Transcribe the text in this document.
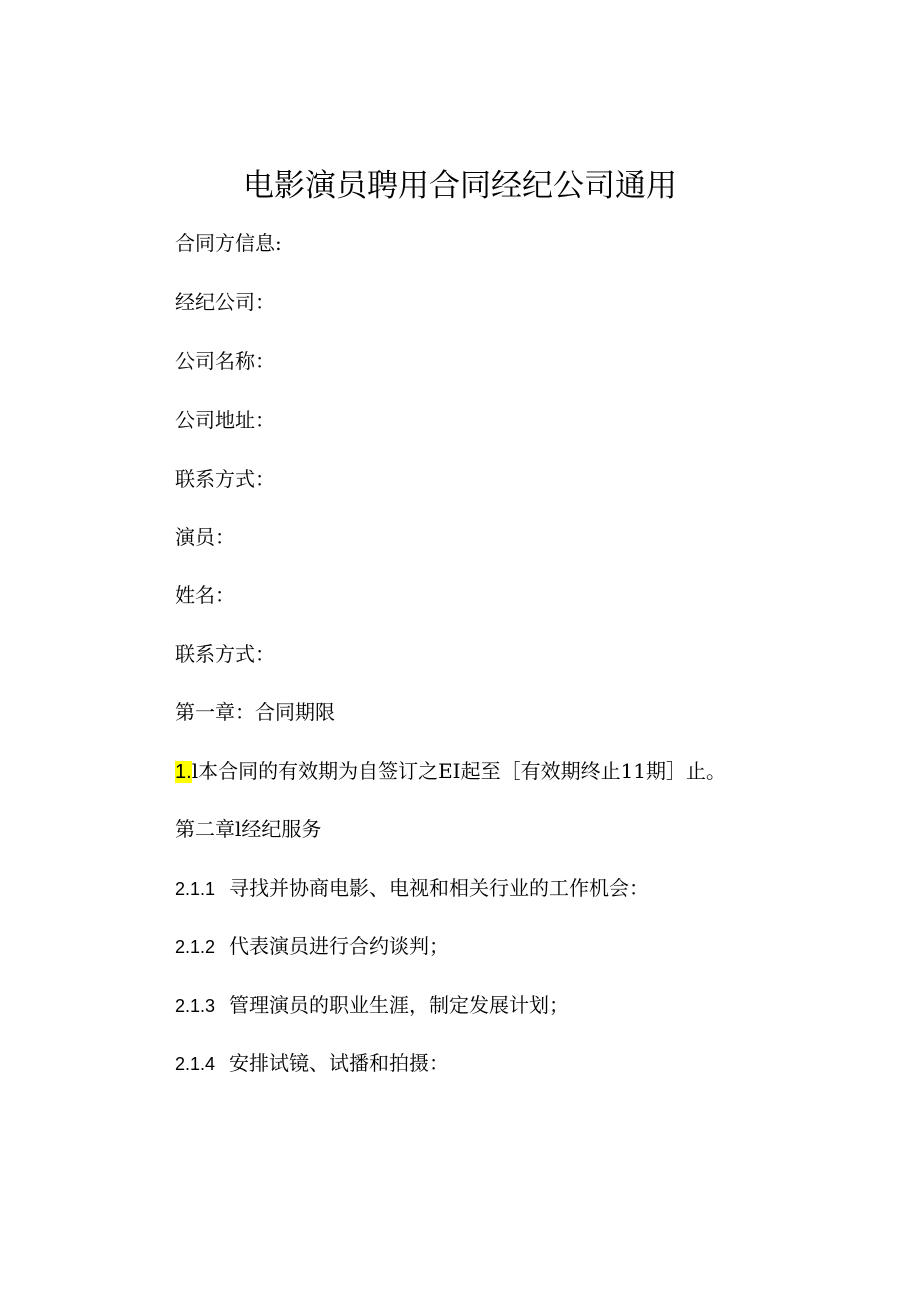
电影演员聘用合同经纪公司通用
合同方信息:
经纪公司：
公司名称：
公司地址：
联系方式：
演员：
姓名：
联系方式：
第一章：合同期限
1.l本合同的有效期为自签订之EI起至［有效期终止11期］止。
第二章l经纪服务
2.1.1 寻找并协商电影、电视和相关行业的工作机会：
2.1.2 代表演员进行合约谈判；
2.1.3 管理演员的职业生涯，制定发展计划；
2.1.4 安排试镜、试播和拍摄：
